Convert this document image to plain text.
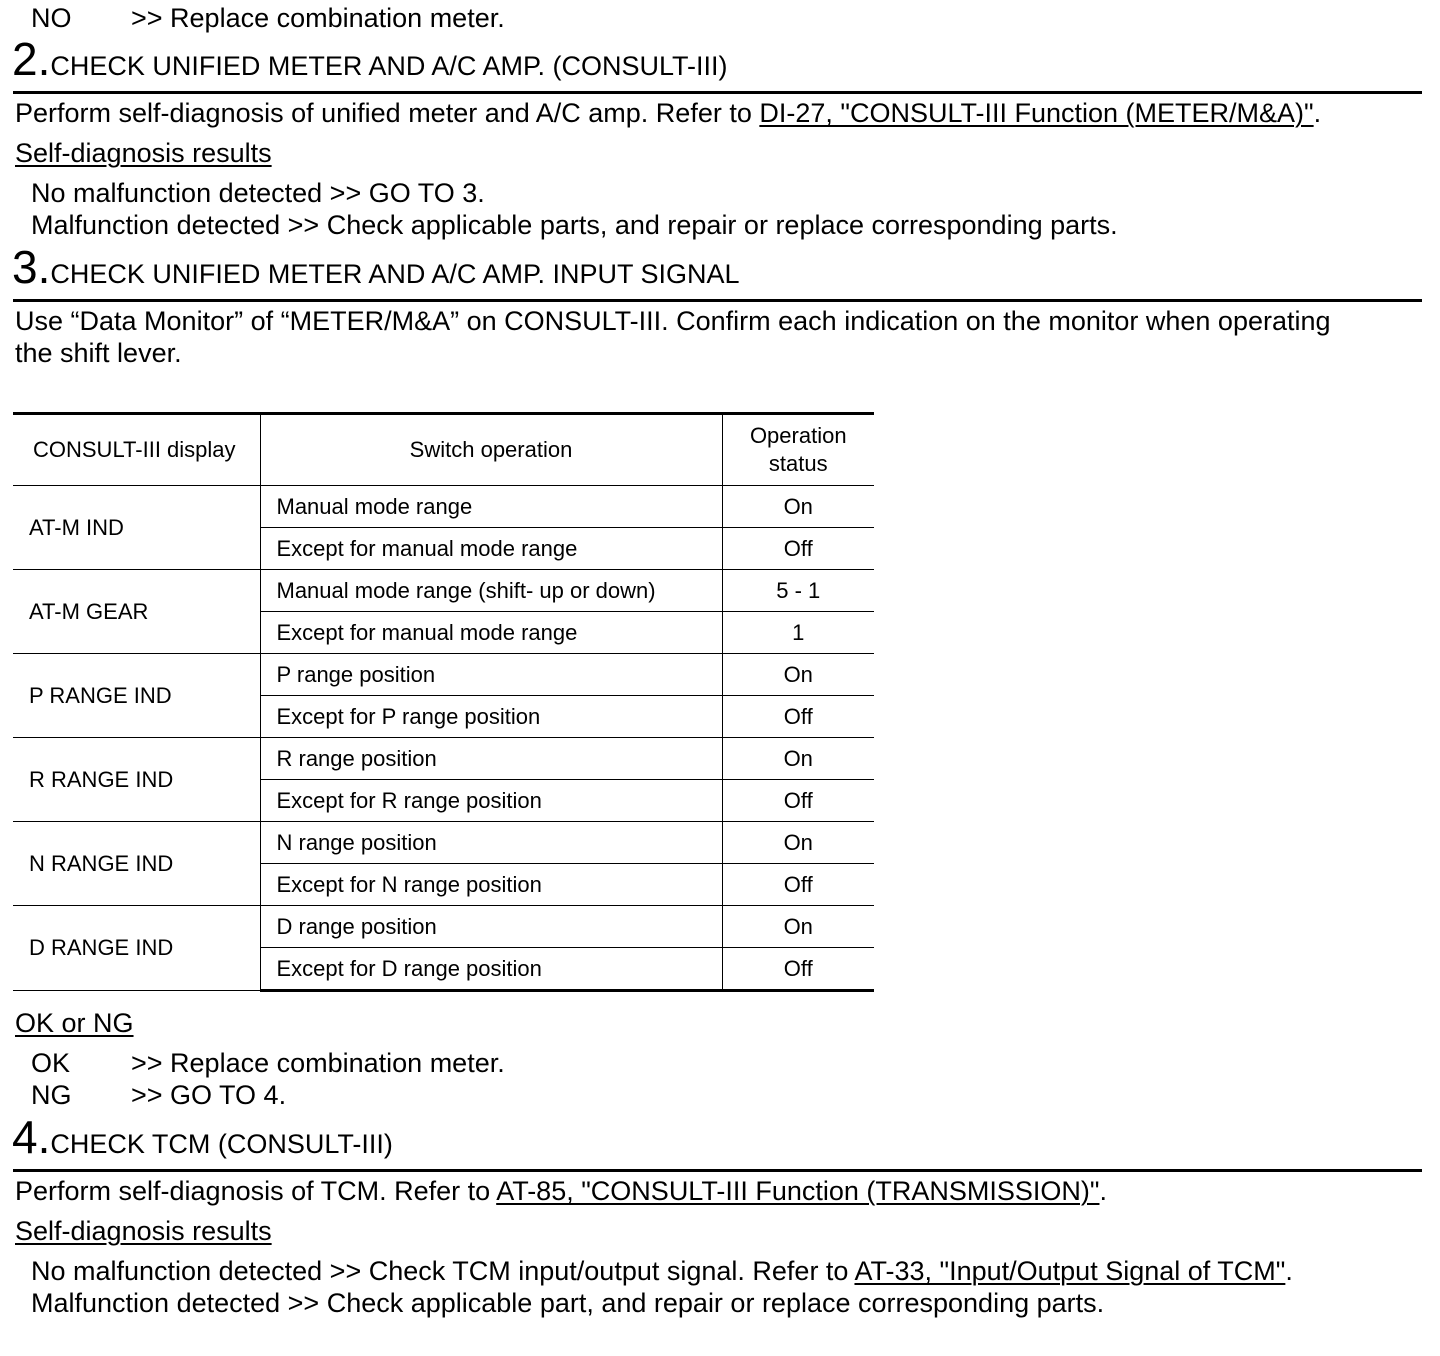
NO >> Replace combination meter.
2.CHECK UNIFIED METER AND A/C AMP. (CONSULT-III)
Perform self-diagnosis of unified meter and A/C amp. Refer to DI-27, "CONSULT-III Function (METER/M&A)".
Self-diagnosis results
No malfunction detected >> GO TO 3.
Malfunction detected >> Check applicable parts, and repair or replace corresponding parts.
3.CHECK UNIFIED METER AND A/C AMP. INPUT SIGNAL
Use “Data Monitor” of “METER/M&A” on CONSULT-III. Confirm each indication on the monitor when operating
the shift lever.
CONSULT-III display	Switch operation	Operation
status
AT-M IND	Manual mode range	On
	Except for manual mode range	Off
AT-M GEAR	Manual mode range (shift- up or down)	5 - 1
	Except for manual mode range	1
P RANGE IND	P range position	On
	Except for P range position	Off
R RANGE IND	R range position	On
	Except for R range position	Off
N RANGE IND	N range position	On
	Except for N range position	Off
D RANGE IND	D range position	On
	Except for D range position	Off
OK or NG
OK >> Replace combination meter.
NG >> GO TO 4.
4.CHECK TCM (CONSULT-III)
Perform self-diagnosis of TCM. Refer to AT-85, "CONSULT-III Function (TRANSMISSION)".
Self-diagnosis results
No malfunction detected >> Check TCM input/output signal. Refer to AT-33, "Input/Output Signal of TCM".
Malfunction detected >> Check applicable part, and repair or replace corresponding parts.
